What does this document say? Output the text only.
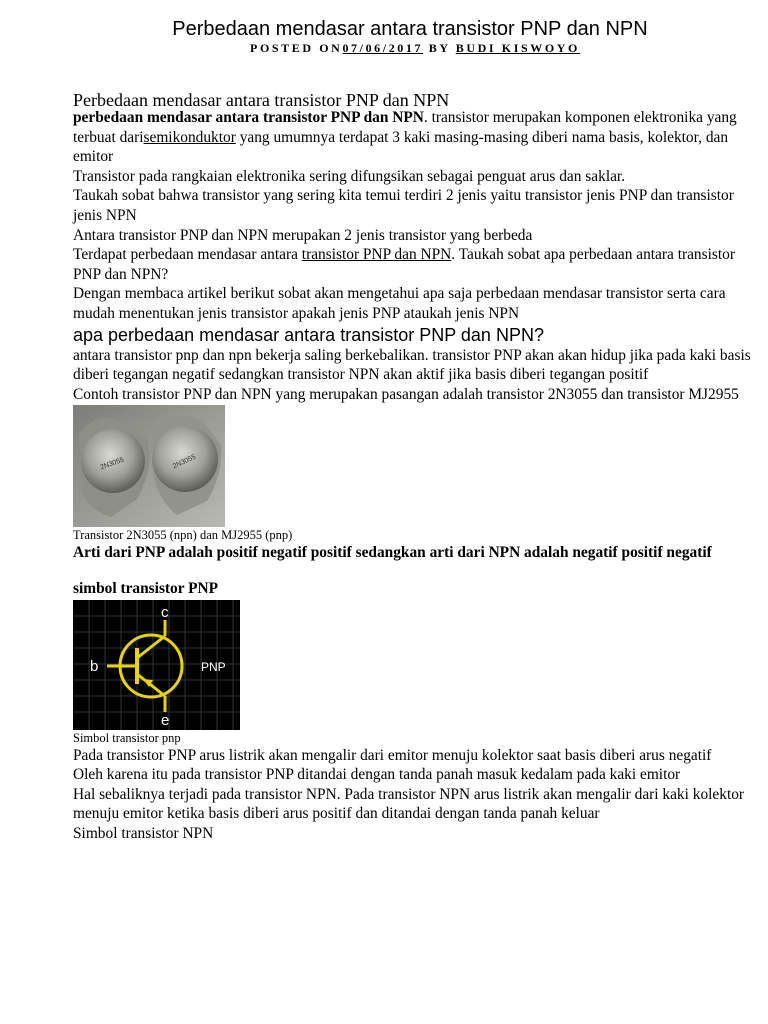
Perbedaan mendasar antara transistor PNP dan NPN
POSTED ON07/06/2017 BY BUDI KISWOYO

Perbedaan mendasar antara transistor PNP dan NPN

perbedaan mendasar antara transistor PNP dan NPN. transistor merupakan komponen elektronika yang terbuat darisemikonduktor yang umumnya terdapat 3 kaki masing-masing diberi nama basis, kolektor, dan emitor

Transistor pada rangkaian elektronika sering difungsikan sebagai penguat arus dan saklar.

Taukah sobat bahwa transistor yang sering kita temui terdiri 2 jenis yaitu transistor jenis PNP dan transistor jenis NPN

Antara transistor PNP dan NPN merupakan 2 jenis transistor yang berbeda

Terdapat perbedaan mendasar antara transistor PNP dan NPN. Taukah sobat apa perbedaan antara transistor PNP dan NPN?

Dengan membaca artikel berikut sobat akan mengetahui apa saja perbedaan mendasar transistor serta cara mudah menentukan jenis transistor apakah jenis PNP ataukah jenis NPN

apa perbedaan mendasar antara transistor PNP dan NPN?

antara transistor pnp dan npn bekerja saling berkebalikan. transistor PNP akan akan hidup jika pada kaki basis diberi tegangan negatif sedangkan transistor NPN akan aktif jika basis diberi tegangan positif

Contoh transistor PNP dan NPN yang merupakan pasangan adalah transistor 2N3055 dan transistor MJ2955

2N3055	2N3055

Transistor 2N3055 (npn) dan MJ2955 (pnp)

Arti dari PNP adalah positif negatif positif sedangkan arti dari NPN adalah negatif positif negatif

simbol transistor PNP

c
b
e
PNP

Simbol transistor pnp

Pada transistor PNP arus listrik akan mengalir dari emitor menuju kolektor saat basis diberi arus negatif

Oleh karena itu pada transistor PNP ditandai dengan tanda panah masuk kedalam pada kaki emitor

Hal sebaliknya terjadi pada transistor NPN. Pada transistor NPN arus listrik akan mengalir dari kaki kolektor menuju emitor ketika basis diberi arus positif dan ditandai dengan tanda panah keluar

Simbol transistor NPN
